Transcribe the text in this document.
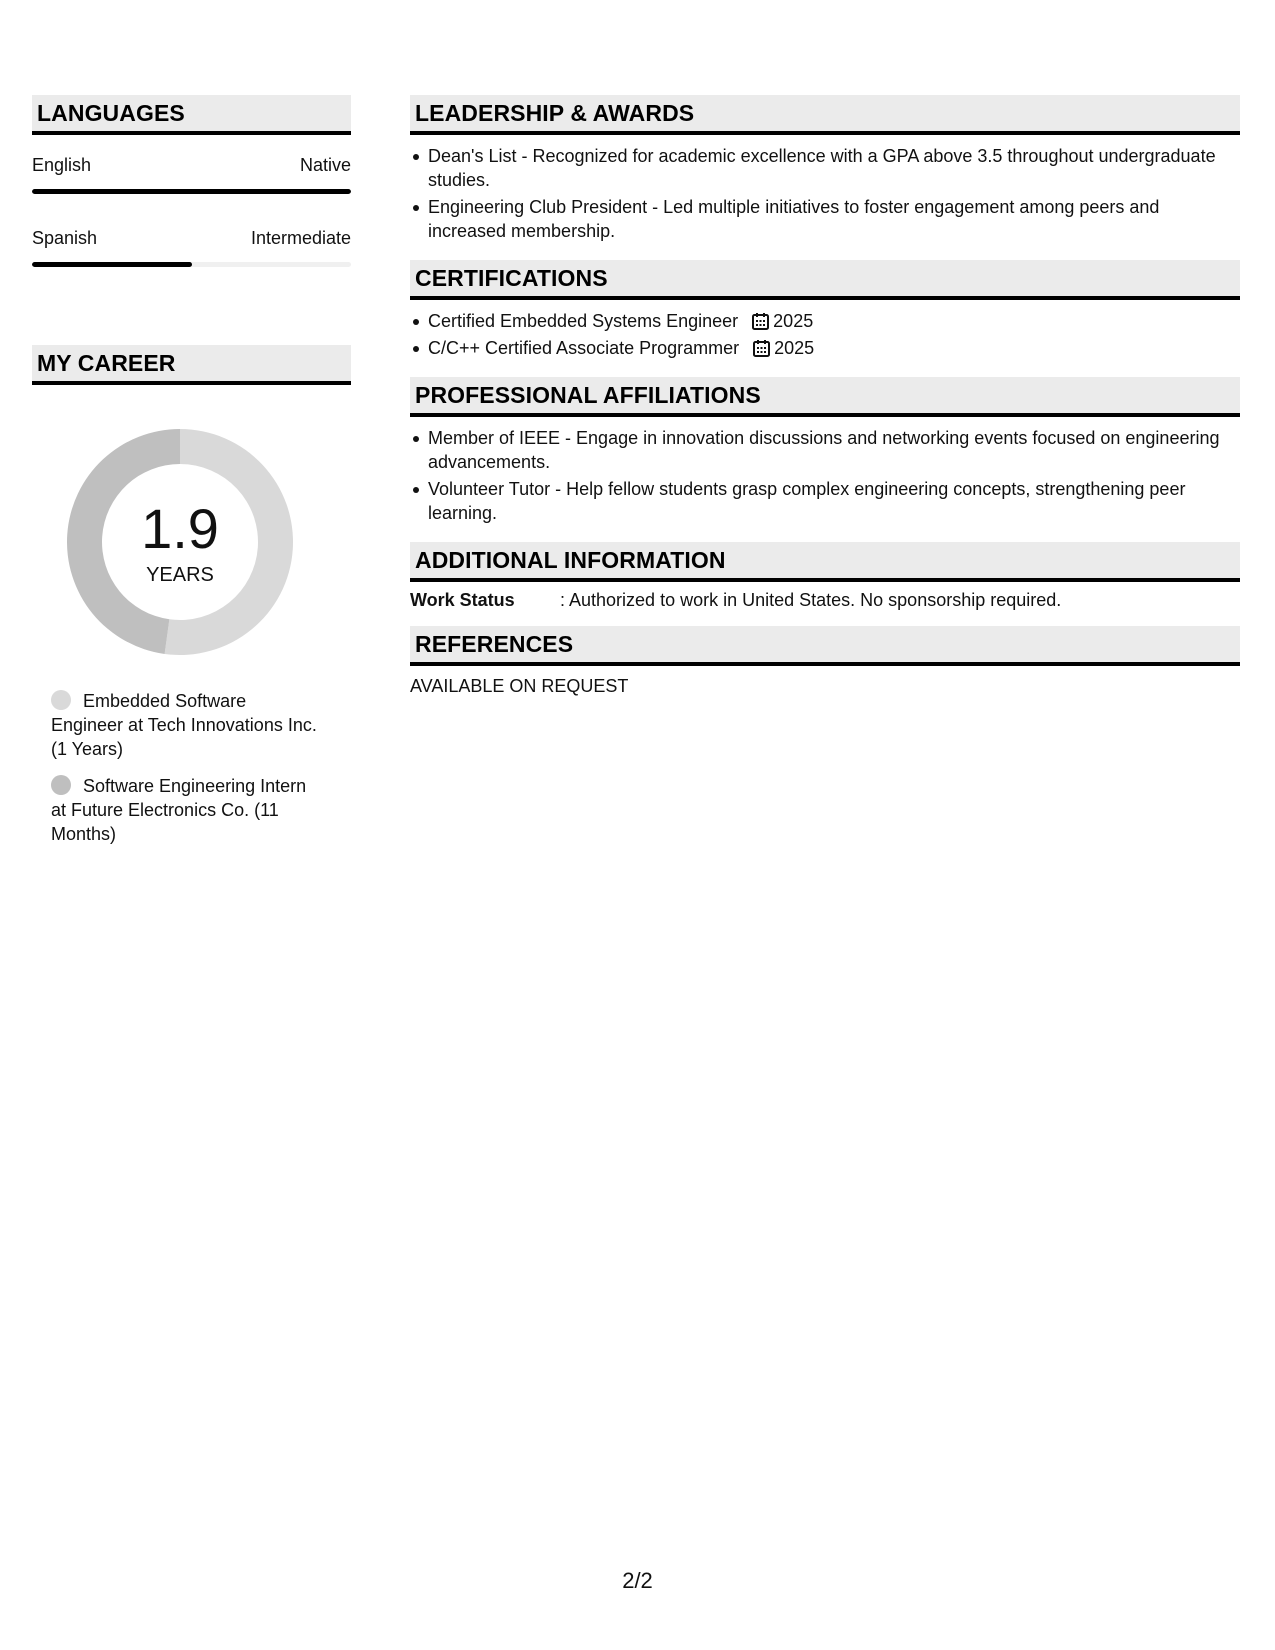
LANGUAGES
English	Native
Spanish	Intermediate
MY CAREER
1.9
YEARS
Embedded Software Engineer at Tech Innovations Inc. (1 Years)
Software Engineering Intern at Future Electronics Co. (11 Months)
LEADERSHIP & AWARDS
Dean's List - Recognized for academic excellence with a GPA above 3.5 throughout undergraduate studies.
Engineering Club President - Led multiple initiatives to foster engagement among peers and increased membership.
CERTIFICATIONS
Certified Embedded Systems Engineer 2025
C/C++ Certified Associate Programmer 2025
PROFESSIONAL AFFILIATIONS
Member of IEEE - Engage in innovation discussions and networking events focused on engineering advancements.
Volunteer Tutor - Help fellow students grasp complex engineering concepts, strengthening peer learning.
ADDITIONAL INFORMATION
Work Status	: Authorized to work in United States. No sponsorship required.
REFERENCES
AVAILABLE ON REQUEST
2/2
